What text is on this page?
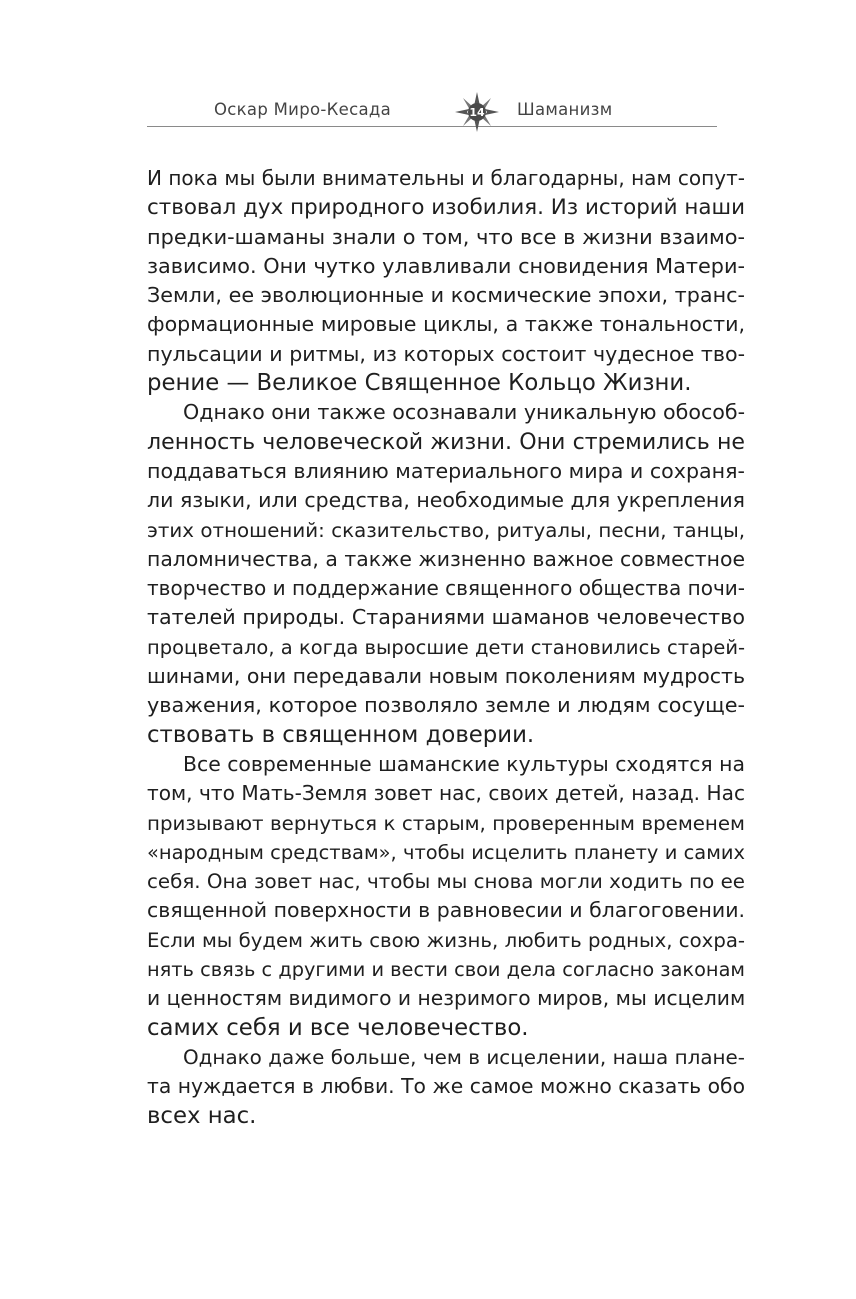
Оскар Миро-Кесада	14 Шаманизм

И пока мы были внимательны и благодарны, нам сопут-
ствовал дух природного изобилия. Из историй наши
предки-шаманы знали о том, что все в жизни взаимо-
зависимо. Они чутко улавливали сновидения Матери-
Земли, ее эволюционные и космические эпохи, транс-
формационные мировые циклы, а также тональности,
пульсации и ритмы, из которых состоит чудесное тво-
рение — Великое Священное Кольцо Жизни.

Однако они также осознавали уникальную обособ-
ленность человеческой жизни. Они стремились не
поддаваться влиянию материального мира и сохраня-
ли языки, или средства, необходимые для укрепления
этих отношений: сказительство, ритуалы, песни, танцы,
паломничества, а также жизненно важное совместное
творчество и поддержание священного общества почи-
тателей природы. Стараниями шаманов человечество
процветало, а когда выросшие дети становились старей-
шинами, они передавали новым поколениям мудрость
уважения, которое позволяло земле и людям сосуще-
ствовать в священном доверии.

Все современные шаманские культуры сходятся на
том, что Мать-Земля зовет нас, своих детей, назад. Нас
призывают вернуться к старым, проверенным временем
«народным средствам», чтобы исцелить планету и самих
себя. Она зовет нас, чтобы мы снова могли ходить по ее
священной поверхности в равновесии и благоговении.
Если мы будем жить свою жизнь, любить родных, сохра-
нять связь с другими и вести свои дела согласно законам
и ценностям видимого и незримого миров, мы исцелим
самих себя и все человечество.

Однако даже больше, чем в исцелении, наша плане-
та нуждается в любви. То же самое можно сказать обо
всех нас.
